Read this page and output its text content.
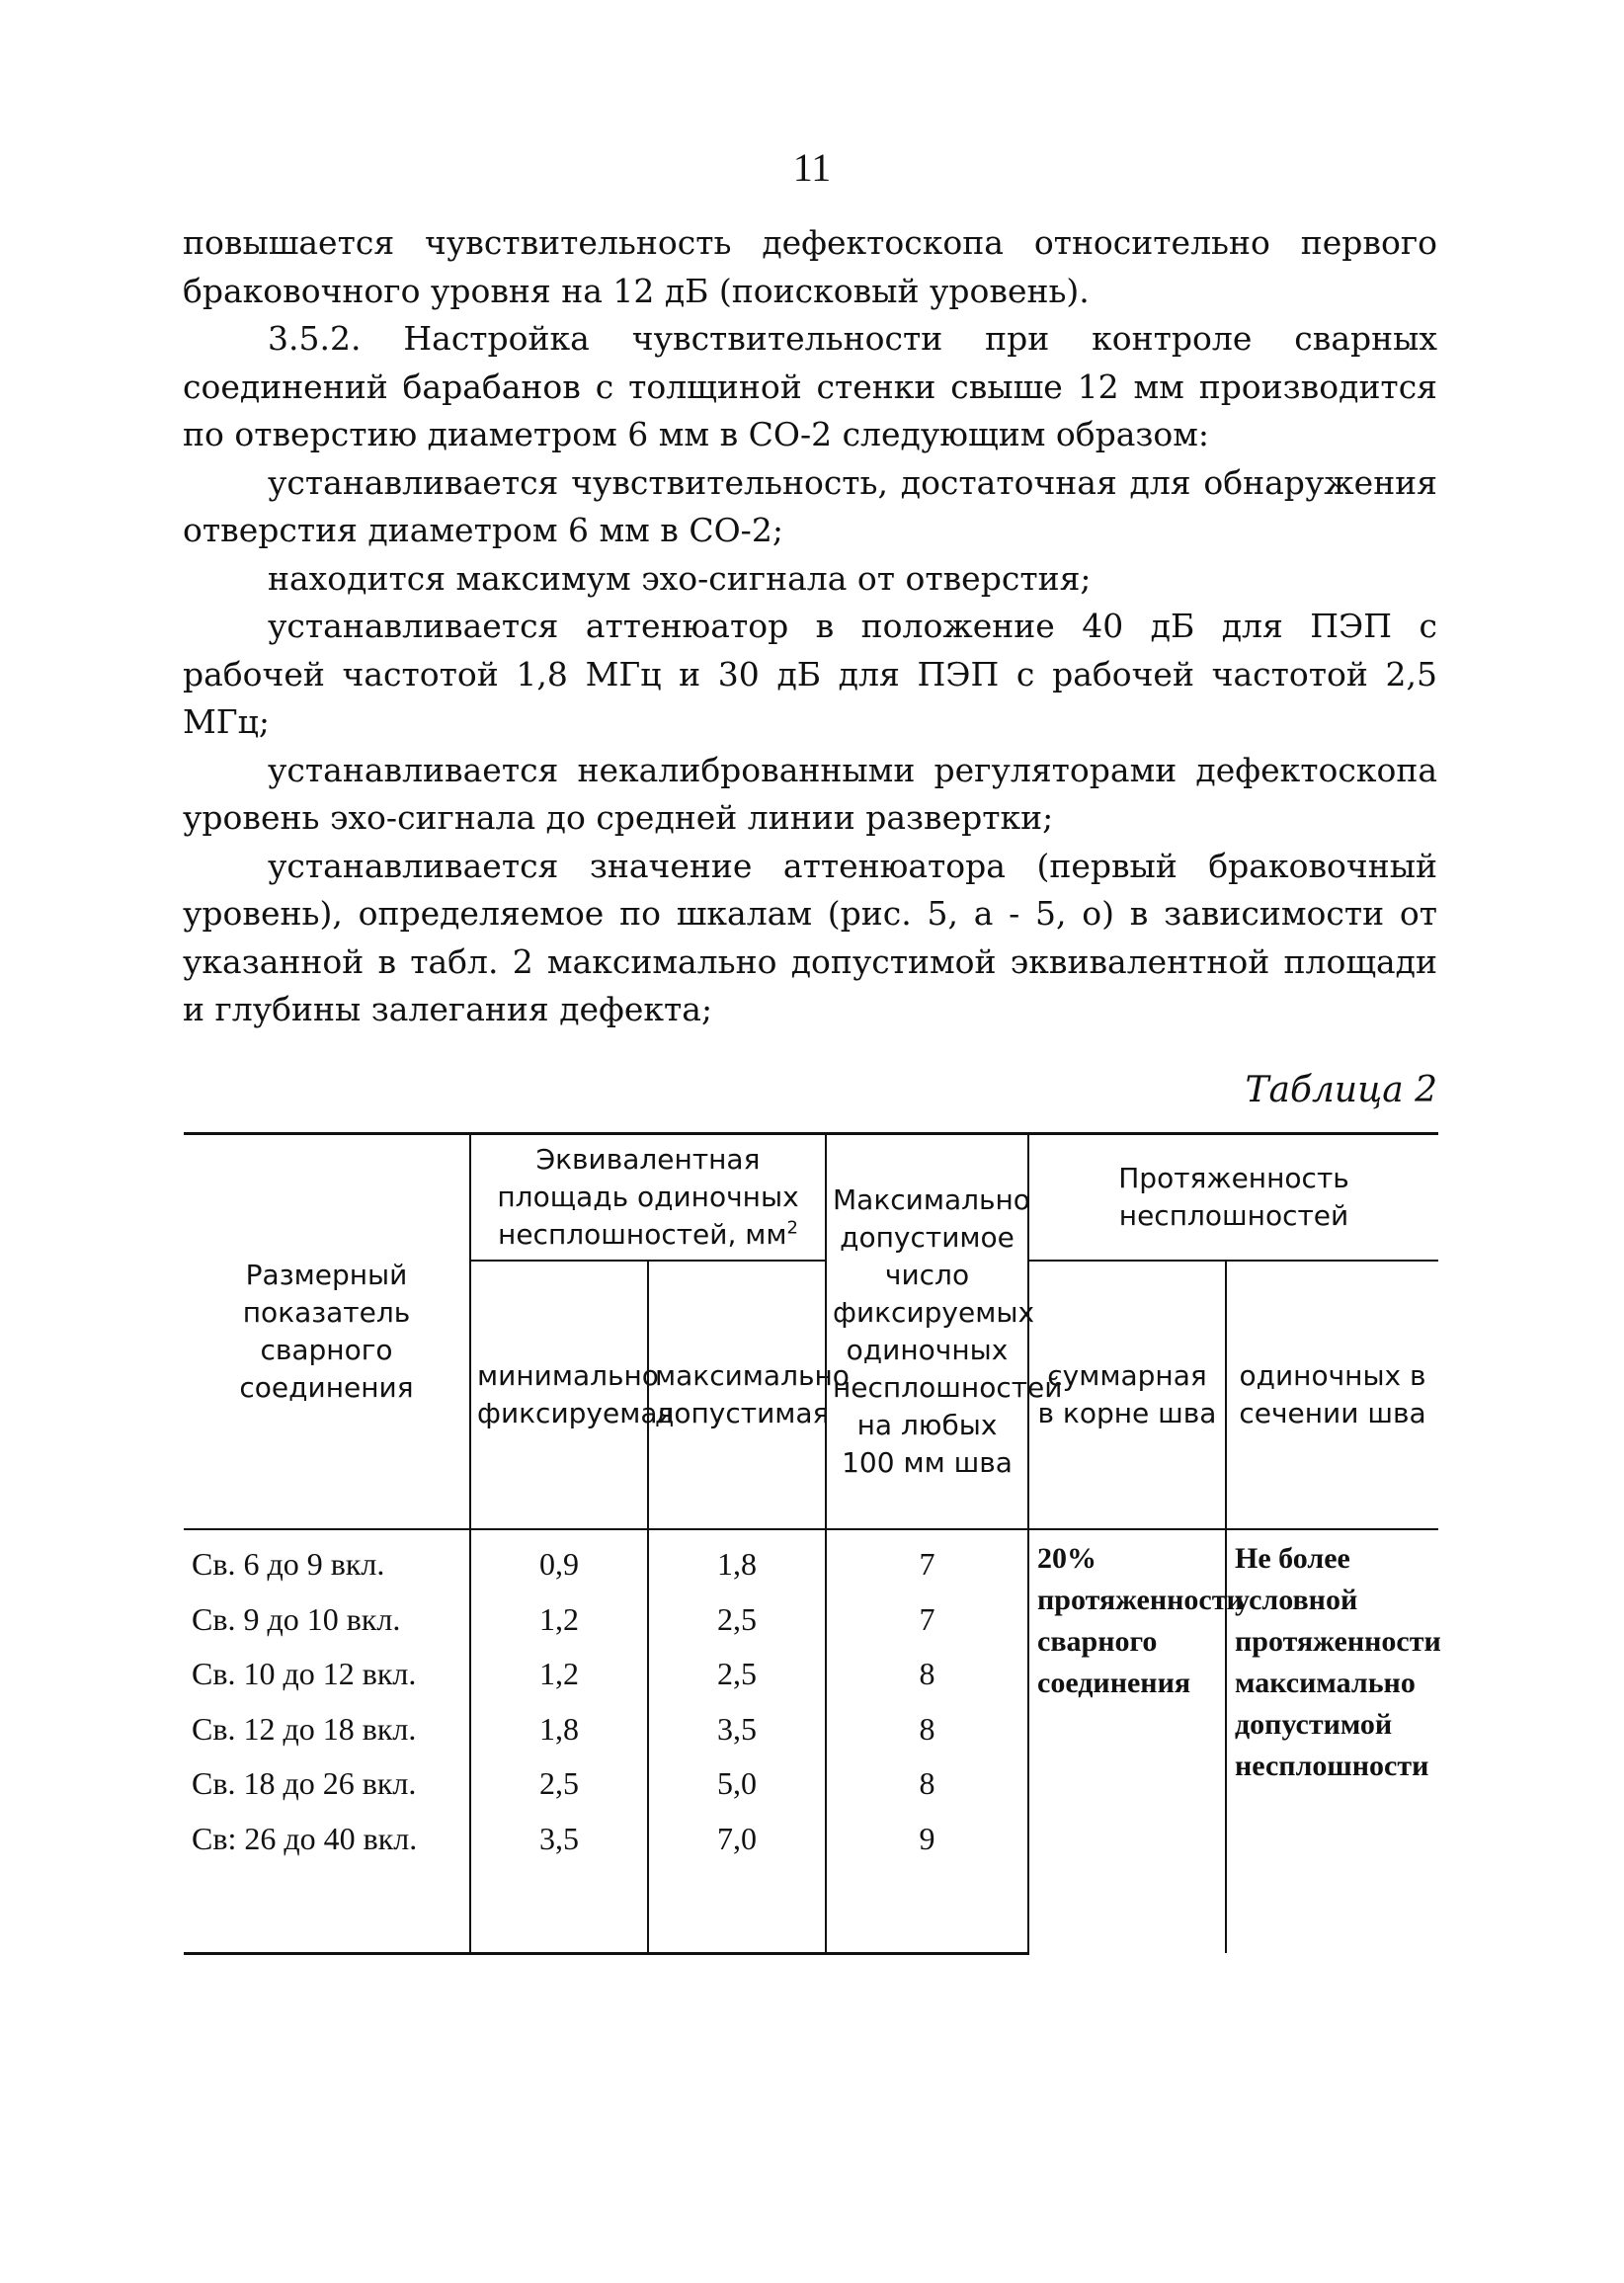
11

повышается чувствительность дефектоскопа относительно первого браковочного уровня на 12 дБ (поисковый уровень).

3.5.2. Настройка чувствительности при контроле сварных соединений барабанов с толщиной стенки свыше 12 мм производится по отверстию диаметром 6 мм в СО-2 следующим образом:

устанавливается чувствительность, достаточная для обнаружения отверстия диаметром 6 мм в СО-2;

находится максимум эхо-сигнала от отверстия;

устанавливается аттенюатор в положение 40 дБ для ПЭП с рабочей частотой 1,8 МГц и 30 дБ для ПЭП с рабочей частотой 2,5 МГц;

устанавливается некалиброванными регуляторами дефектоскопа уровень эхо-сигнала до средней линии развертки;

устанавливается значение аттенюатора (первый браковочный уровень), определяемое по шкалам (рис. 5, а - 5, о) в зависимости от указанной в табл. 2 максимально допустимой эквивалентной площади и глубины залегания дефекта;

Таблица 2
Размерный показатель сварного соединения	Эквивалентная площадь одиночных несплошностей, $мм^2$		Максимально допустимое число фиксируемых одиночных несплошностей на любых 100 мм шва	Протяженность несплошностей	
	минимально фиксируемая	максимально допустимая		суммарная в корне шва	одиночных в сечении шва
Св. 6 до 9 вкл.	0,9	1,8	7	20% протяженности сварного соединения	Не более условной протяженности максимально допустимой несплошности
Св. 9 до 10 вкл.	1,2	2,5	7		
Св. 10 до 12 вкл.	1,2	2,5	8		
Св. 12 до 18 вкл.	1,8	3,5	8		
Св. 18 до 26 вкл.	2,5	5,0	8		
Св: 26 до 40 вкл.	3,5	7,0	9		
